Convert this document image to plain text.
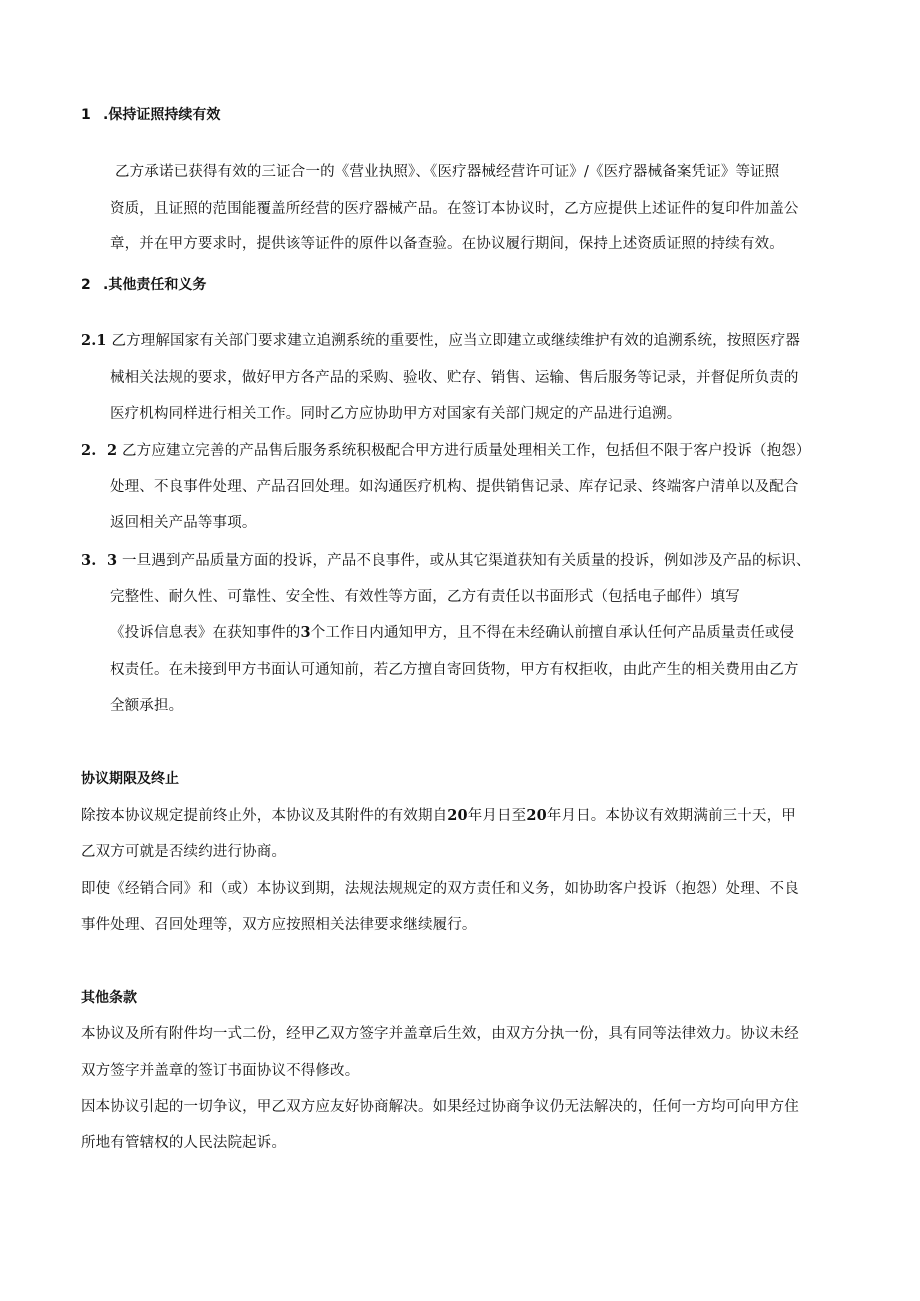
1 .保持证照持续有效
乙方承诺已获得有效的三证合一的《营业执照》、《医疗器械经营许可证》/《医疗器械备案凭证》等证照
资质，且证照的范围能覆盖所经营的医疗器械产品。在签订本协议时，乙方应提供上述证件的复印件加盖公
章，并在甲方要求时，提供该等证件的原件以备查验。在协议履行期间，保持上述资质证照的持续有效。
2 .其他责任和义务
2.1 乙方理解国家有关部门要求建立追溯系统的重要性，应当立即建立或继续维护有效的追溯系统，按照医疗器
械相关法规的要求，做好甲方各产品的采购、验收、贮存、销售、运输、售后服务等记录，并督促所负责的
医疗机构同样进行相关工作。同时乙方应协助甲方对国家有关部门规定的产品进行追溯。
2. 2 乙方应建立完善的产品售后服务系统积极配合甲方进行质量处理相关工作，包括但不限于客户投诉（抱怨）
处理、不良事件处理、产品召回处理。如沟通医疗机构、提供销售记录、库存记录、终端客户清单以及配合
返回相关产品等事项。
3. 3 一旦遇到产品质量方面的投诉，产品不良事件，或从其它渠道获知有关质量的投诉，例如涉及产品的标识、
完整性、耐久性、可靠性、安全性、有效性等方面，乙方有责任以书面形式（包括电子邮件）填写
《投诉信息表》在获知事件的3个工作日内通知甲方，且不得在未经确认前擅自承认任何产品质量责任或侵
权责任。在未接到甲方书面认可通知前，若乙方擅自寄回货物，甲方有权拒收，由此产生的相关费用由乙方
全额承担。
协议期限及终止
除按本协议规定提前终止外，本协议及其附件的有效期自20年月日至20年月日。本协议有效期满前三十天，甲
乙双方可就是否续约进行协商。
即使《经销合同》和（或）本协议到期，法规法规规定的双方责任和义务，如协助客户投诉（抱怨）处理、不良
事件处理、召回处理等，双方应按照相关法律要求继续履行。
其他条款
本协议及所有附件均一式二份，经甲乙双方签字并盖章后生效，由双方分执一份，具有同等法律效力。协议未经
双方签字并盖章的签订书面协议不得修改。
因本协议引起的一切争议，甲乙双方应友好协商解决。如果经过协商争议仍无法解决的，任何一方均可向甲方住
所地有管辖权的人民法院起诉。
